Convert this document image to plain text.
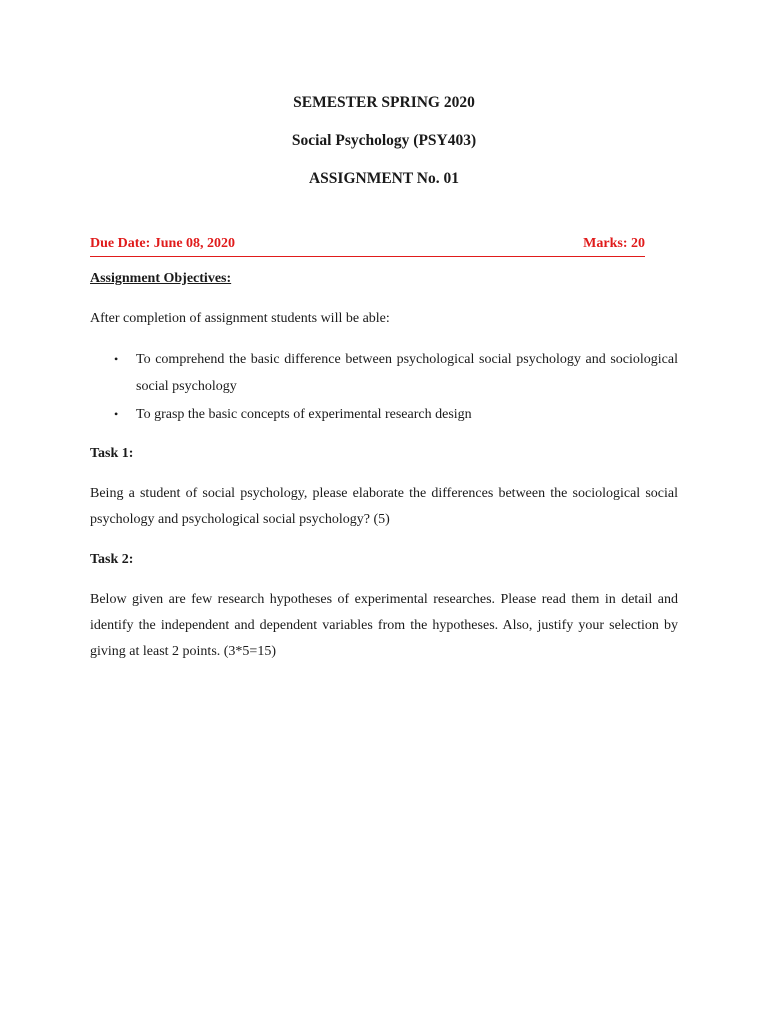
SEMESTER SPRING 2020
Social Psychology (PSY403)
ASSIGNMENT No. 01
Due Date: June 08, 2020	Marks: 20
Assignment Objectives:
After completion of assignment students will be able:
• To comprehend the basic difference between psychological social psychology and sociological social psychology
• To grasp the basic concepts of experimental research design
Task 1:
Being a student of social psychology, please elaborate the differences between the sociological social psychology and psychological social psychology? (5)
Task 2:
Below given are few research hypotheses of experimental researches. Please read them in detail and identify the independent and dependent variables from the hypotheses. Also, justify your selection by giving at least 2 points. (3*5=15)
